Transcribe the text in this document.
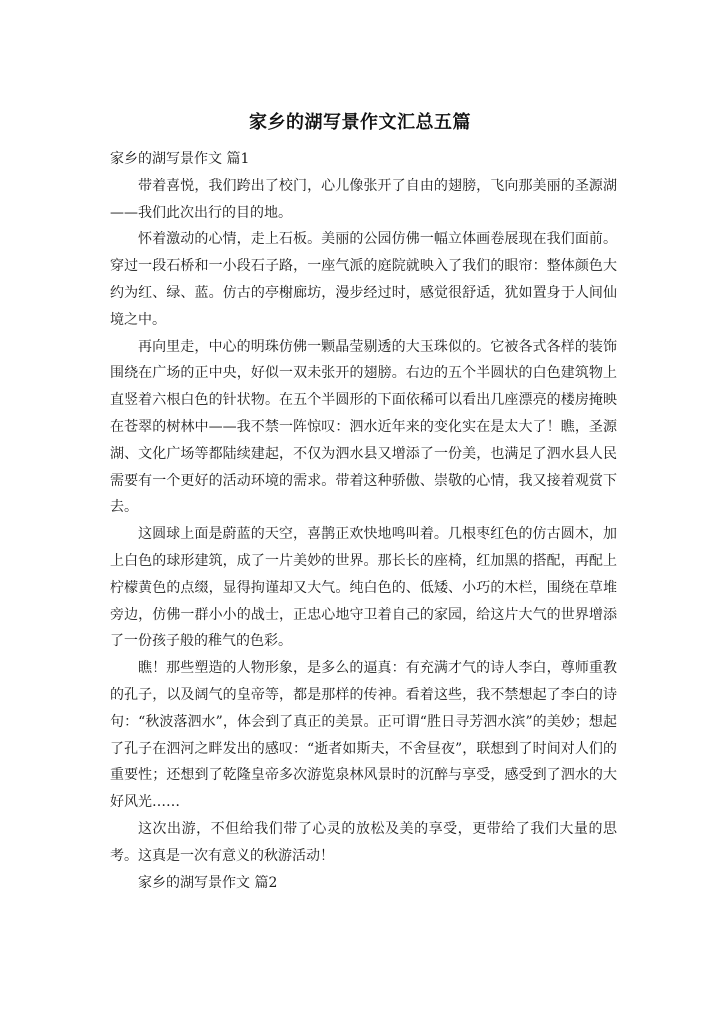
家乡的湖写景作文汇总五篇

家乡的湖写景作文 篇1

带着喜悦，我们跨出了校门，心儿像张开了自由的翅膀，飞向那美丽的圣源湖——我们此次出行的目的地。

怀着激动的心情，走上石板。美丽的公园仿佛一幅立体画卷展现在我们面前。穿过一段石桥和一小段石子路，一座气派的庭院就映入了我们的眼帘：整体颜色大约为红、绿、蓝。仿古的亭榭廊坊，漫步经过时，感觉很舒适，犹如置身于人间仙境之中。

再向里走，中心的明珠仿佛一颗晶莹剔透的大玉珠似的。它被各式各样的装饰围绕在广场的正中央，好似一双未张开的翅膀。右边的五个半圆状的白色建筑物上直竖着六根白色的针状物。在五个半圆形的下面依稀可以看出几座漂亮的楼房掩映在苍翠的树林中——我不禁一阵惊叹：泗水近年来的变化实在是太大了！瞧，圣源湖、文化广场等都陆续建起，不仅为泗水县又增添了一份美，也满足了泗水县人民需要有一个更好的活动环境的需求。带着这种骄傲、崇敬的心情，我又接着观赏下去。

这圆球上面是蔚蓝的天空，喜鹊正欢快地鸣叫着。几根枣红色的仿古圆木，加上白色的球形建筑，成了一片美妙的世界。那长长的座椅，红加黑的搭配，再配上柠檬黄色的点缀，显得拘谨却又大气。纯白色的、低矮、小巧的木栏，围绕在草堆旁边，仿佛一群小小的战士，正忠心地守卫着自己的家园，给这片大气的世界增添了一份孩子般的稚气的色彩。

瞧！那些塑造的人物形象，是多么的逼真：有充满才气的诗人李白，尊师重教的孔子，以及阔气的皇帝等，都是那样的传神。看着这些，我不禁想起了李白的诗句：“秋波落泗水”，体会到了真正的美景。正可谓“胜日寻芳泗水滨”的美妙；想起了孔子在泗河之畔发出的感叹：“逝者如斯夫，不舍昼夜”，联想到了时间对人们的重要性；还想到了乾隆皇帝多次游览泉林风景时的沉醉与享受，感受到了泗水的大好风光……

这次出游，不但给我们带了心灵的放松及美的享受，更带给了我们大量的思考。这真是一次有意义的秋游活动！

家乡的湖写景作文 篇2
